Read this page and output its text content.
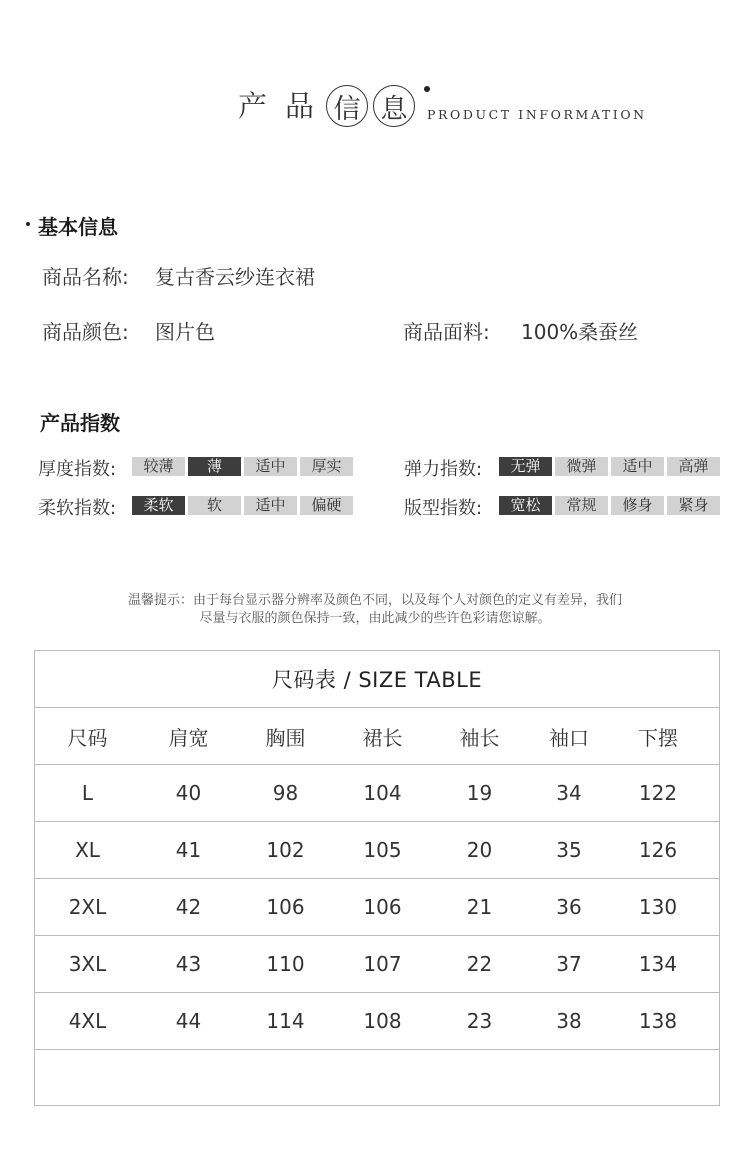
产 品 信 息	PRODUCT INFORMATION
基本信息
商品名称: 复古香云纱连衣裙
商品颜色: 图片色	商品面料: 100%桑蚕丝
产品指数
厚度指数:	较薄	薄	适中	厚实	弹力指数:	无弹	微弹	适中	高弹
柔软指数:	柔软	软	适中	偏硬	版型指数:	宽松	常规	修身	紧身
温馨提示：由于每台显示器分辨率及颜色不同，以及每个人对颜色的定义有差异，我们
尽量与衣服的颜色保持一致，由此减少的些许色彩请您谅解。
尺码表 / SIZE TABLE
尺码	肩宽	胸围	裙长	袖长	袖口	下摆
L	40	98	104	19	34	122
XL	41	102	105	20	35	126
2XL	42	106	106	21	36	130
3XL	43	110	107	22	37	134
4XL	44	114	108	23	38	138
